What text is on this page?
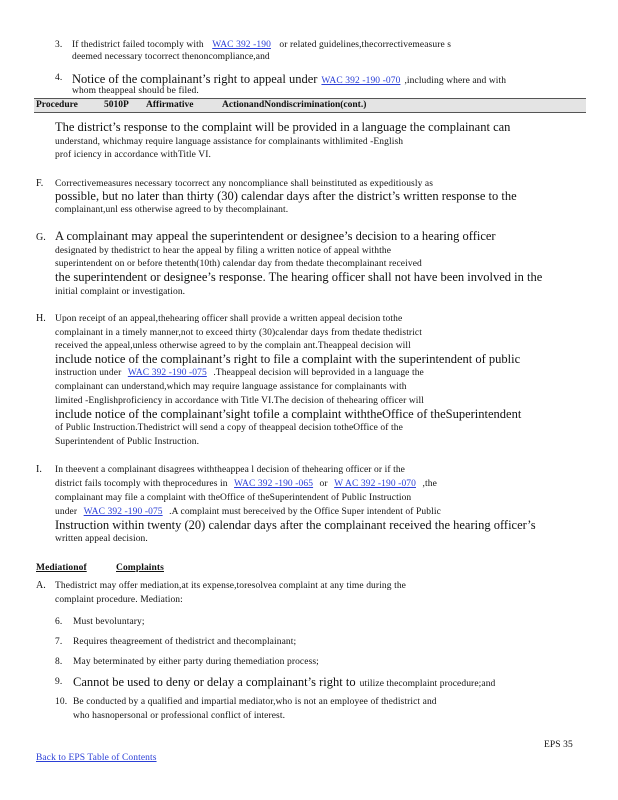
3. If thedistrict failed tocomply with WAC 392 -190 or related guidelines,thecorrectivemeasure s
deemed necessary tocorrect thenoncompliance,and
4. Notice of the complainant’s right to appeal under WAC 392 -190 -070 ,including where and with
whom theappeal should be filed.
Procedure	5010P Affirmative	ActionandNondiscrimination(cont.)
The district’s response to the complaint will be provided in a language the complainant can
understand, whichmay require language assistance for complainants withlimited -English
prof iciency in accordance withTitle VI.
F. Correctivemeasures necessary tocorrect any noncompliance shall beinstituted as expeditiously as
possible, but no later than thirty (30) calendar days after the district’s written response to the
complainant,unl ess otherwise agreed to by thecomplainant.
G. A complainant may appeal the superintendent or designee’s decision to a hearing officer
designated by thedistrict to hear the appeal by filing a written notice of appeal withthe
superintendent on or before thetenth(10th) calendar day from thedate thecomplainant received
the superintendent or designee’s response. The hearing officer shall not have been involved in the
initial complaint or investigation.
H. Upon receipt of an appeal,thehearing officer shall provide a written appeal decision tothe
complainant in a timely manner,not to exceed thirty (30)calendar days from thedate thedistrict
received the appeal,unless otherwise agreed to by the complain ant.Theappeal decision will
include notice of the complainant’s right to file a complaint with the superintendent of public
instruction under WAC 392 -190 -075 .Theappeal decision will beprovided in a language the
complainant can understand,which may require language assistance for complainants with
limited -Englishproficiency in accordance with Title VI.The decision of thehearing officer will
include notice of the complainant’sight tofile a complaint withtheOffice of theSuperintendent
of Public Instruction.Thedistrict will send a copy of theappeal decision totheOffice of the
Superintendent of Public Instruction.
I. In theevent a complainant disagrees withtheappea l decision of thehearing officer or if the
district fails tocomply with theprocedures in WAC 392 -190 -065 or W AC 392 -190 -070 ,the
complainant may file a complaint with theOffice of theSuperintendent of Public Instruction
under WAC 392 -190 -075 .A complaint must bereceived by the Office Super intendent of Public
Instruction within twenty (20) calendar days after the complainant received the hearing officer’s
written appeal decision.
Mediationof	Complaints
A. Thedistrict may offer mediation,at its expense,toresolvea complaint at any time during the
complaint procedure. Mediation:
6. Must bevoluntary;
7. Requires theagreement of thedistrict and thecomplainant;
8. May beterminated by either party during themediation process;
9. Cannot be used to deny or delay a complainant’s right to utilize thecomplaint procedure;and
10. Be conducted by a qualified and impartial mediator,who is not an employee of thedistrict and
who hasnopersonal or professional conflict of interest.
EPS 35
Back to EPS Table of Contents
